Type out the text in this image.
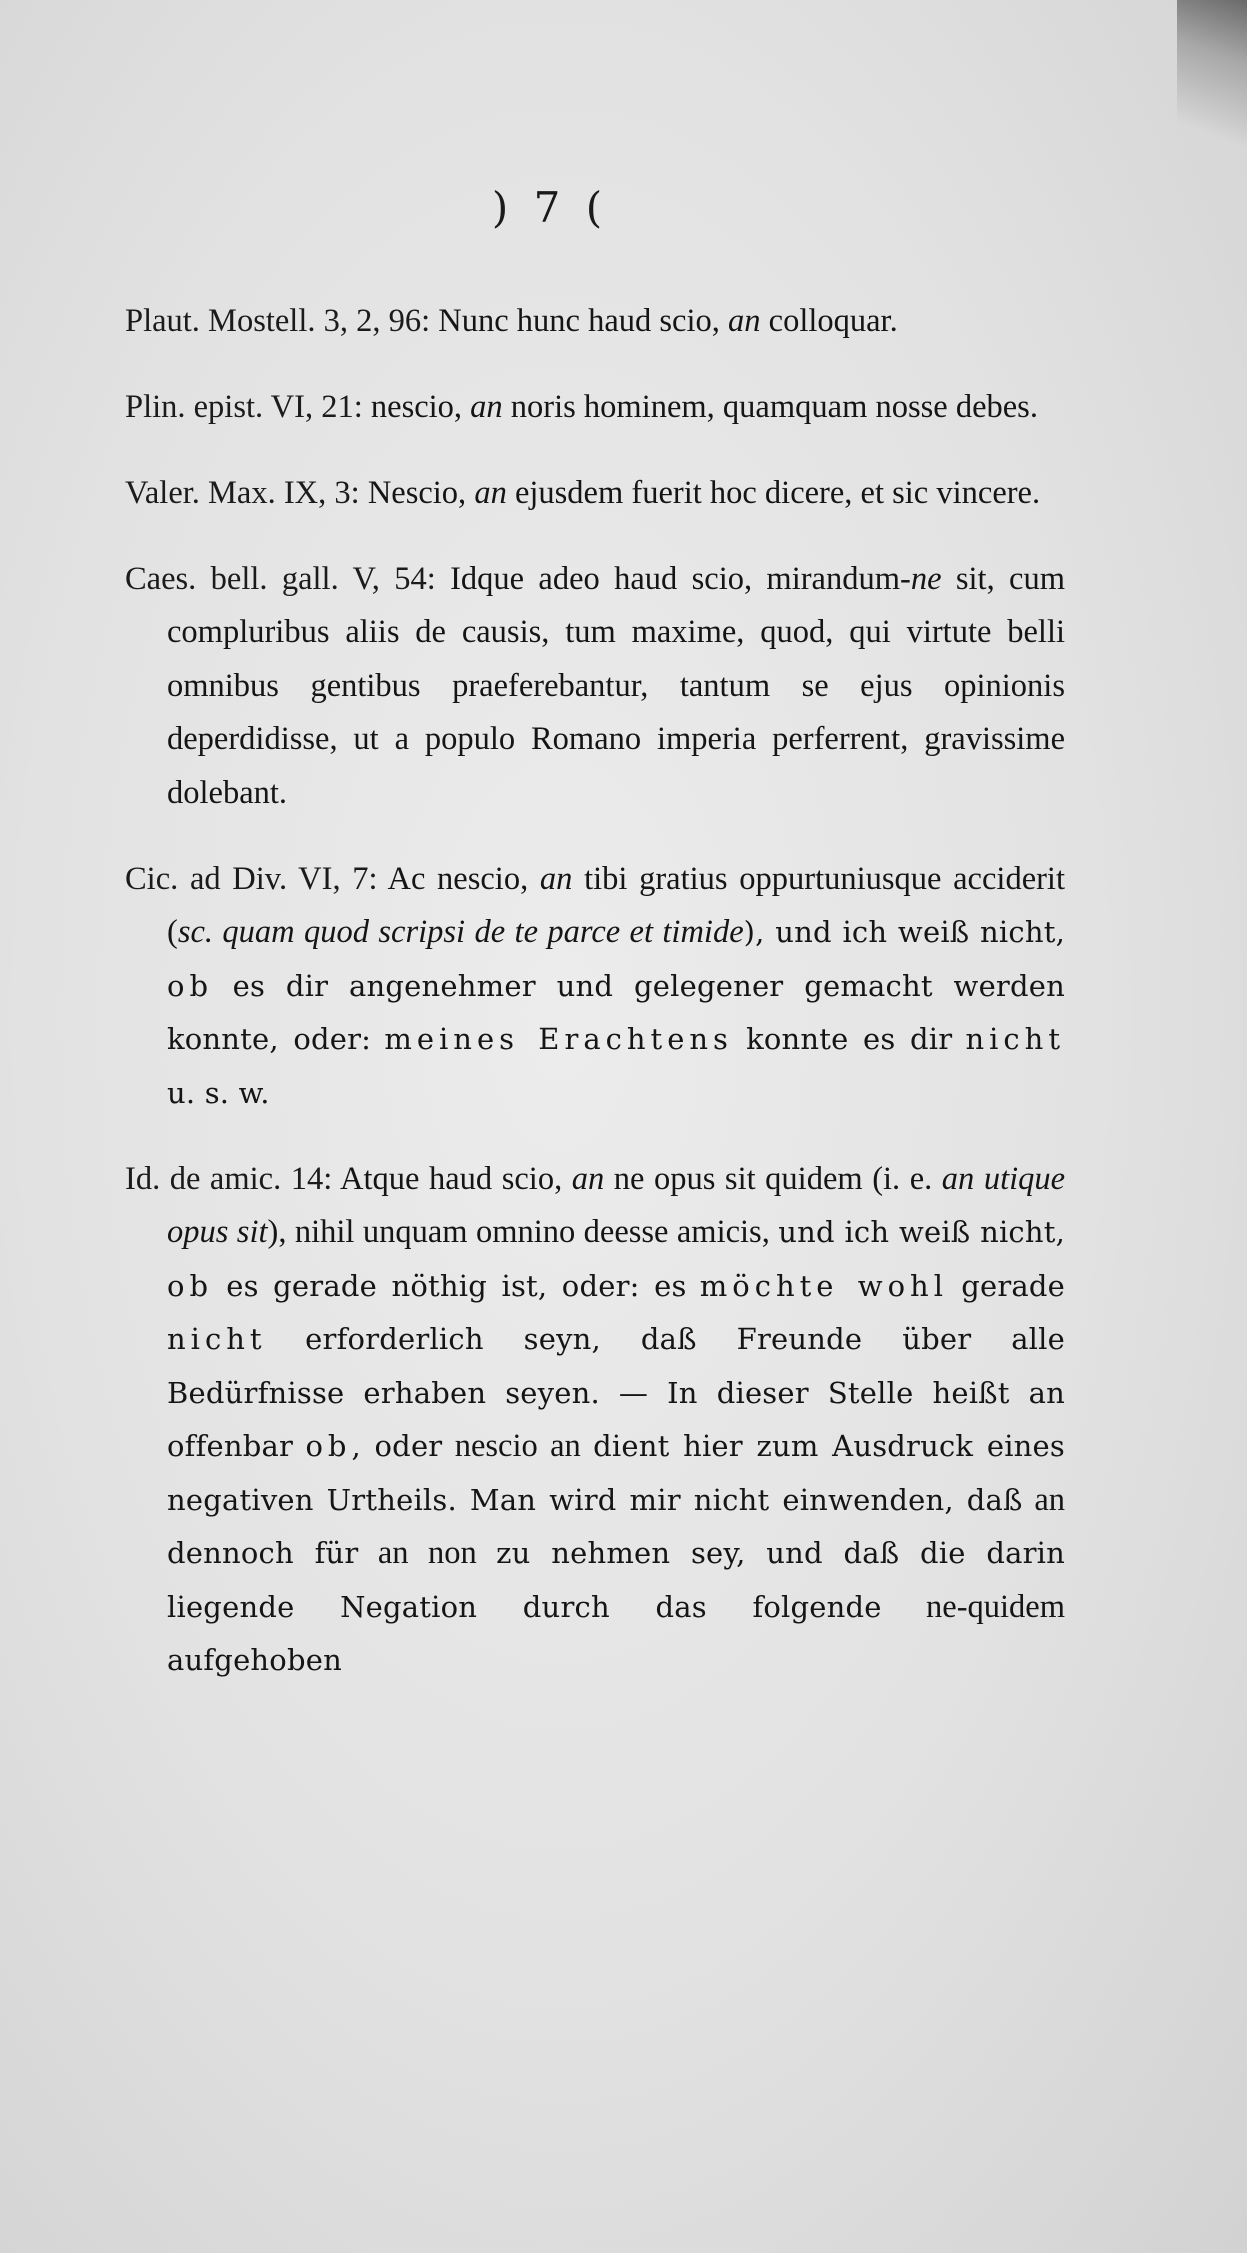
) 7 (

Plaut. Mostell. 3, 2, 96: Nunc hunc haud scio, an colloquar.

Plin. epist. VI, 21: nescio, an noris hominem, quamquam nosse debes.

Valer. Max. IX, 3: Nescio, an ejusdem fuerit hoc dicere, et sic vincere.

Caes. bell. gall. V, 54: Idque adeo haud scio, mirandum-ne sit, cum compluribus aliis de causis, tum maxime, quod, qui virtute belli omnibus gentibus praeferebantur, tantum se ejus opinionis deperdidisse, ut a populo Romano imperia perferrent, gravissime dolebant.

Cic. ad Div. VI, 7: Ac nescio, an tibi gratius oppurtuniusque acciderit (sc. quam quod scripsi de te parce et timide), und ich weiß nicht, ob es dir angenehmer und gelegener gemacht werden konnte, oder: meines Erachtens konnte es dir nicht u. s. w.

Id. de amic. 14: Atque haud scio, an ne opus sit quidem (i. e. an utique opus sit), nihil unquam omnino deesse amicis, und ich weiß nicht, ob es gerade nöthig ist, oder: es möchte wohl gerade nicht erforderlich seyn, daß Freunde über alle Bedürfnisse erhaben seyen. — In dieser Stelle heißt an offenbar ob, oder nescio an dient hier zum Ausdruck eines negativen Urtheils. Man wird mir nicht einwenden, daß an dennoch für an non zu nehmen sey, und daß die darin liegende Negation durch das folgende ne-quidem aufgehoben
